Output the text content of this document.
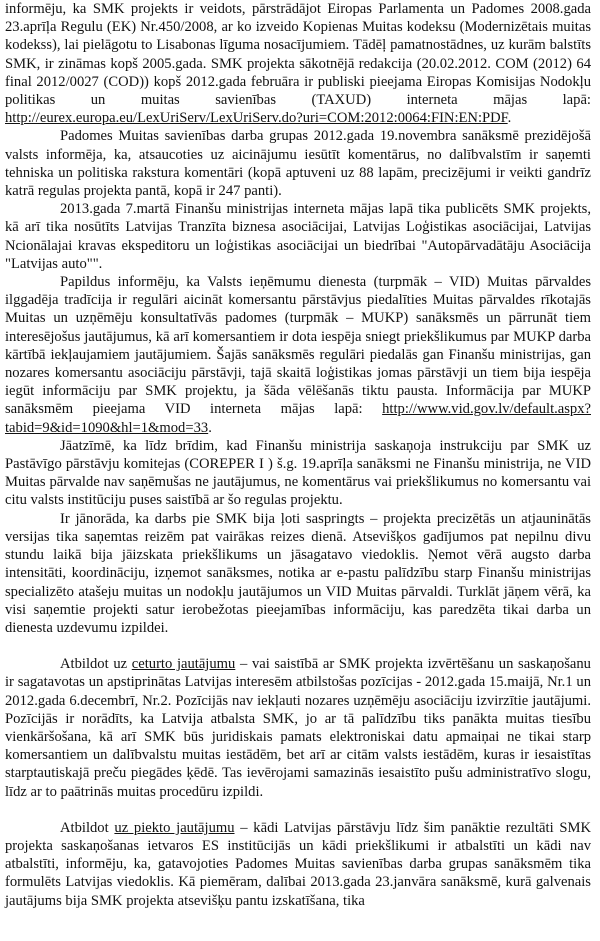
informēju, ka SMK projekts ir veidots, pārstrādājot Eiropas Parlamenta un Padomes 2008.gada 23.aprīļa Regulu (EK) Nr.450/2008, ar ko izveido Kopienas Muitas kodeksu (Modernizētais muitas kodekss), lai pielāgotu to Lisabonas līguma nosacījumiem. Tādēļ pamatnostādnes, uz kurām balstīts SMK, ir zināmas kopš 2005.gada. SMK projekta sākotnējā redakcija (20.02.2012. COM (2012) 64 final 2012/0027 (COD)) kopš 2012.gada februāra ir publiski pieejama Eiropas Komisijas Nodokļu politikas un muitas savienības (TAXUD) interneta mājas lapā: http://eurex.europa.eu/LexUriServ/LexUriServ.do?uri=COM:2012:0064:FIN:EN:PDF.

Padomes Muitas savienības darba grupas 2012.gada 19.novembra sanāksmē prezidējošā valsts informēja, ka, atsaucoties uz aicinājumu iesūtīt komentārus, no dalībvalstīm ir saņemti tehniska un politiska rakstura komentāri (kopā aptuveni uz 88 lapām, precizējumi ir veikti gandrīz katrā regulas projekta pantā, kopā ir 247 panti).

2013.gada 7.martā Finanšu ministrijas interneta mājas lapā tika publicēts SMK projekts, kā arī tika nosūtīts Latvijas Tranzīta biznesa asociācijai, Latvijas Loģistikas asociācijai, Latvijas Ncionālajai kravas ekspeditoru un loģistikas asociācijai un biedrībai "Autopārvadātāju Asociācija "Latvijas auto"".

Papildus informēju, ka Valsts ieņēmumu dienesta (turpmāk – VID) Muitas pārvaldes ilggadēja tradīcija ir regulāri aicināt komersantu pārstāvjus piedalīties Muitas pārvaldes rīkotajās Muitas un uzņēmēju konsultatīvās padomes (turpmāk – MUKP) sanāksmēs un pārrunāt tiem interesējošus jautājumus, kā arī komersantiem ir dota iespēja sniegt priekšlikumus par MUKP darba kārtībā iekļaujamiem jautājumiem. Šajās sanāksmēs regulāri piedalās gan Finanšu ministrijas, gan nozares komersantu asociāciju pārstāvji, tajā skaitā loģistikas jomas pārstāvji un tiem bija iespēja iegūt informāciju par SMK projektu, ja šāda vēlēšanās tiktu pausta. Informācija par MUKP sanāksmēm pieejama VID interneta mājas lapā: http://www.vid.gov.lv/default.aspx?tabid=9&id=1090&hl=1&mod=33.

Jāatzīmē, ka līdz brīdim, kad Finanšu ministrija saskaņoja instrukciju par SMK uz Pastāvīgo pārstāvju komitejas (COREPER I ) š.g. 19.aprīļa sanāksmi ne Finanšu ministrija, ne VID Muitas pārvalde nav saņēmušas ne jautājumus, ne komentārus vai priekšlikumus no komersantu vai citu valsts institūciju puses saistībā ar šo regulas projektu.

Ir jānorāda, ka darbs pie SMK bija ļoti saspringts – projekta precizētās un atjauninātās versijas tika saņemtas reizēm pat vairākas reizes dienā. Atsevišķos gadījumos pat nepilnu divu stundu laikā bija jāizskata priekšlikums un jāsagatavo viedoklis. Ņemot vērā augsto darba intensitāti, koordināciju, izņemot sanāksmes, notika ar e-pastu palīdzību starp Finanšu ministrijas specializēto atašeju muitas un nodokļu jautājumos un VID Muitas pārvaldi. Turklāt jāņem vērā, ka visi saņemtie projekti satur ierobežotas pieejamības informāciju, kas paredzēta tikai darba un dienesta uzdevumu izpildei.

Atbildot uz ceturto jautājumu – vai saistībā ar SMK projekta izvērtēšanu un saskaņošanu ir sagatavotas un apstiprinātas Latvijas interesēm atbilstošas pozīcijas - 2012.gada 15.maijā, Nr.1 un 2012.gada 6.decembrī, Nr.2. Pozīcijās nav iekļauti nozares uzņēmēju asociāciju izvirzītie jautājumi. Pozīcijās ir norādīts, ka Latvija atbalsta SMK, jo ar tā palīdzību tiks panākta muitas tiesību vienkāršošana, kā arī SMK būs juridiskais pamats elektroniskai datu apmaiņai ne tikai starp komersantiem un dalībvalstu muitas iestādēm, bet arī ar citām valsts iestādēm, kuras ir iesaistītas starptautiskajā preču piegādes ķēdē. Tas ievērojami samazinās iesaistīto pušu administratīvo slogu, līdz ar to paātrinās muitas procedūru izpildi.

Atbildot uz piekto jautājumu – kādi Latvijas pārstāvju līdz šim panāktie rezultāti SMK projekta saskaņošanas ietvaros ES institūcijās un kādi priekšlikumi ir atbalstīti un kādi nav atbalstīti, informēju, ka, gatavojoties Padomes Muitas savienības darba grupas sanāksmēm tika formulēts Latvijas viedoklis. Kā piemēram, dalībai 2013.gada 23.janvāra sanāksmē, kurā galvenais jautājums bija SMK projekta atsevišķu pantu izskatīšana, tika
